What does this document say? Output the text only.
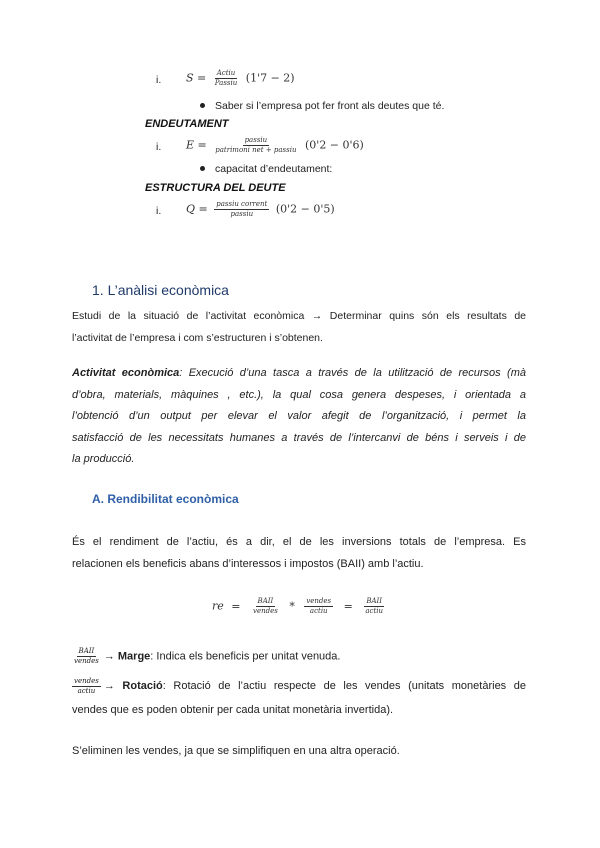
i. $S = \frac{\text{Actiu}}{\text{Passiu}} (1'7 - 2)$
Saber si l’empresa pot fer front als deutes que té.
ENDEUTAMENT
i. $E = \frac{\text{passiu}}{\text{patrimoni net + passiu}} (0'2 - 0'6)$
capacitat d’endeutament:
ESTRUCTURA DEL DEUTE
i. $Q = \frac{\text{passiu corrent}}{\text{passiu}} (0'2 - 0'5)$
1. L’anàlisi econòmica
Estudi de la situació de l’activitat econòmica → Determinar quins són els resultats de
l’activitat de l’empresa i com s’estructuren i s’obtenen.
Activitat econòmica: Execució d’una tasca a través de la utilització de recursos (mà
d’obra, materials, màquines , etc.), la qual cosa genera despeses, i orientada a
l’obtenció d’un output per elevar el valor afegit de l’organització, i permet la
satisfacció de les necessitats humanes a través de l’intercanvi de béns i serveis i de
la producció.
A. Rendibilitat econòmica
És el rendiment de l’actiu, és a dir, el de les inversions totals de l’empresa. Es
relacionen els beneficis abans d’interessos i impostos (BAII) amb l’actiu.
re = $\frac{\text{BAII}}{\text{vendes}} * \frac{\text{vendes}}{\text{actiu}} = \frac{\text{BAII}}{\text{actiu}}$
$\frac{\text{BAII}}{\text{vendes}}$ → Marge: Indica els beneficis per unitat venuda.
$\frac{\text{vendes}}{\text{actiu}}$ → Rotació: Rotació de l’actiu respecte de les vendes (unitats monetàries de
vendes que es poden obtenir per cada unitat monetària invertida).
S’eliminen les vendes, ja que se simplifiquen en una altra operació.
